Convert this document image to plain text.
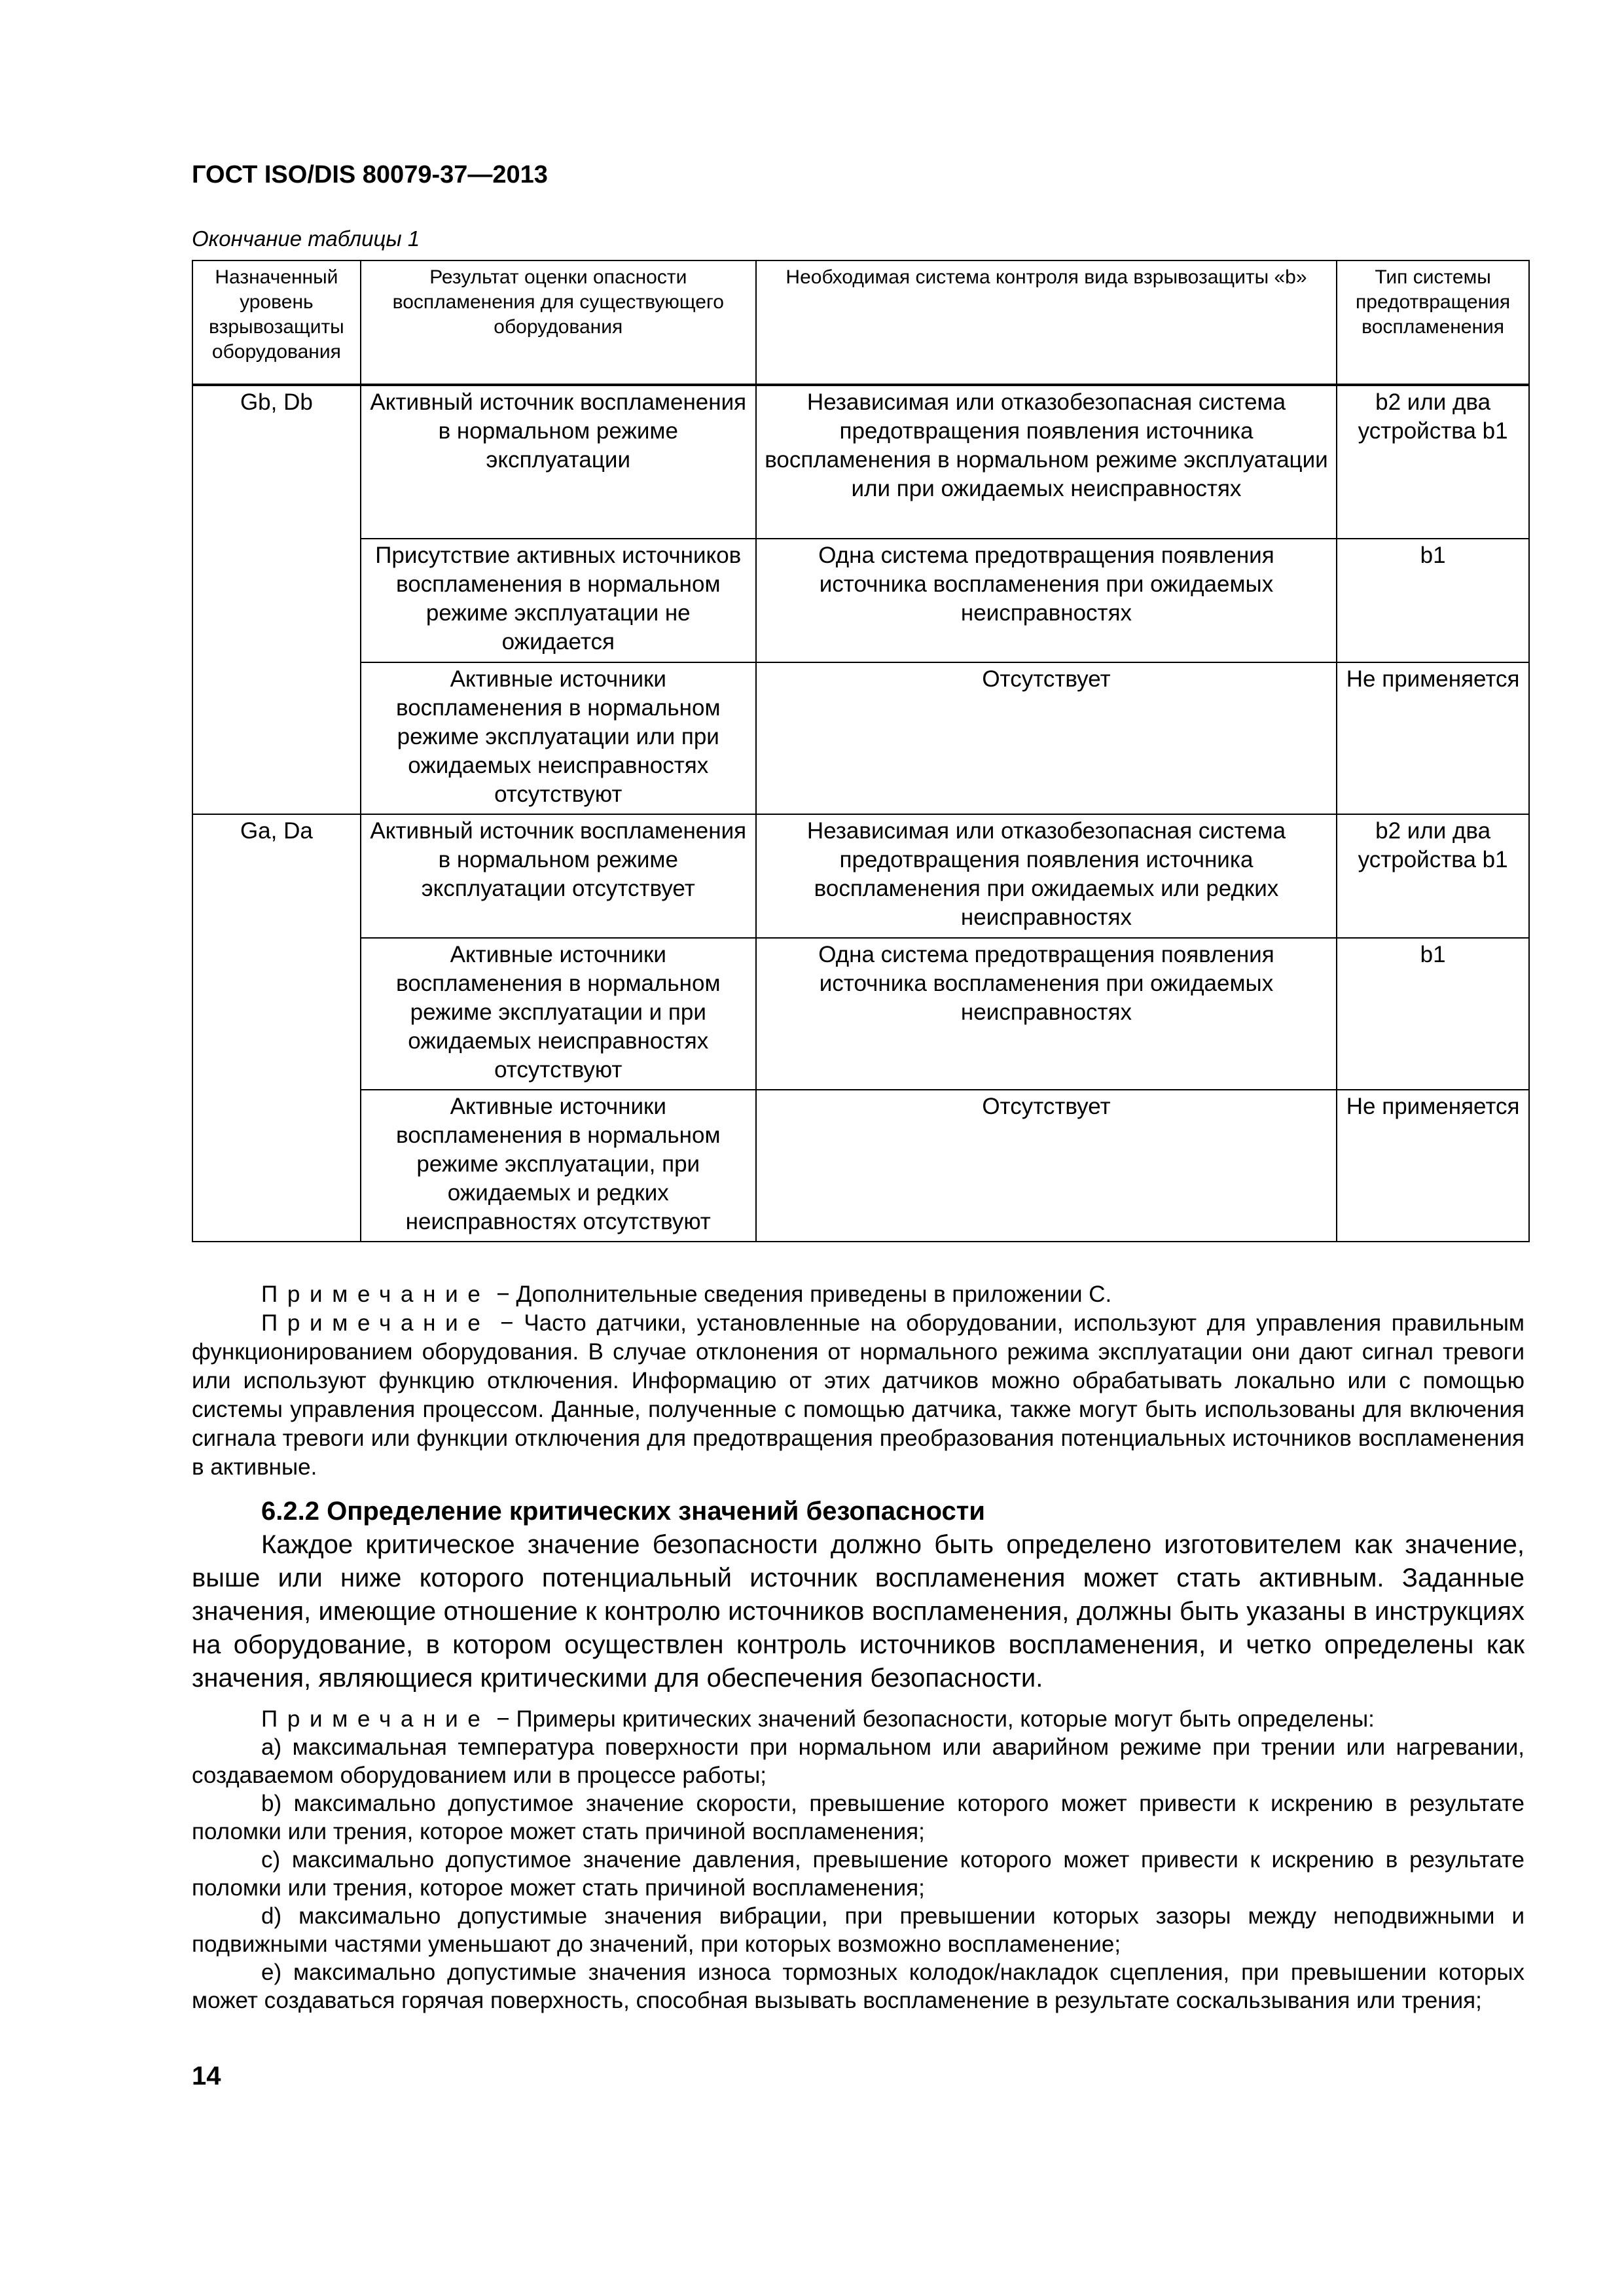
ГОСТ ISO/DIS 80079-37—2013
Окончание таблицы 1
Назначенный уровень взрывозащиты оборудования	Результат оценки опасности воспламенения для существующего оборудования	Необходимая система контроля вида взрывозащиты «b»	Тип системы предотвращения воспламенения
Gb, Db	Активный источник воспламенения в нормальном режиме эксплуатации	Независимая или отказобезопасная система предотвращения появления источника воспламенения в нормальном режиме эксплуатации или при ожидаемых неисправностях	b2 или два устройства b1
	Присутствие активных источников воспламенения в нормальном режиме эксплуатации не ожидается	Одна система предотвращения появления источника воспламенения при ожидаемых неисправностях	b1
	Активные источники воспламенения в нормальном режиме эксплуатации или при ожидаемых неисправностях отсутствуют	Отсутствует	Не применяется
Ga, Da	Активный источник воспламенения в нормальном режиме эксплуатации отсутствует	Независимая или отказобезопасная система предотвращения появления источника воспламенения при ожидаемых или редких неисправностях	b2 или два устройства b1
	Активные источники воспламенения в нормальном режиме эксплуатации и при ожидаемых неисправностях отсутствуют	Одна система предотвращения появления источника воспламенения при ожидаемых неисправностях	b1
	Активные источники воспламенения в нормальном режиме эксплуатации, при ожидаемых и редких неисправностях отсутствуют	Отсутствует	Не применяется

Примечание − Дополнительные сведения приведены в приложении С.

Примечание − Часто датчики, установленные на оборудовании, используют для управления правильным функционированием оборудования. В случае отклонения от нормального режима эксплуатации они дают сигнал тревоги или используют функцию отключения. Информацию от этих датчиков можно обрабатывать локально или с помощью системы управления процессом. Данные, полученные с помощью датчика, также могут быть использованы для включения сигнала тревоги или функции отключения для предотвращения преобразования потенциальных источников воспламенения в активные.

6.2.2 Определение критических значений безопасности

Каждое критическое значение безопасности должно быть определено изготовителем как значение, выше или ниже которого потенциальный источник воспламенения может стать активным. Заданные значения, имеющие отношение к контролю источников воспламенения, должны быть указаны в инструкциях на оборудование, в котором осуществлен контроль источников воспламенения, и четко определены как значения, являющиеся критическими для обеспечения безопасности.

Примечание − Примеры критических значений безопасности, которые могут быть определены:

a) максимальная температура поверхности при нормальном или аварийном режиме при трении или нагревании, создаваемом оборудованием или в процессе работы;

b) максимально допустимое значение скорости, превышение которого может привести к искрению в результате поломки или трения, которое может стать причиной воспламенения;

c) максимально допустимое значение давления, превышение которого может привести к искрению в результате поломки или трения, которое может стать причиной воспламенения;

d) максимально допустимые значения вибрации, при превышении которых зазоры между неподвижными и подвижными частями уменьшают до значений, при которых возможно воспламенение;

e) максимально допустимые значения износа тормозных колодок/накладок сцепления, при превышении которых может создаваться горячая поверхность, способная вызывать воспламенение в результате соскальзывания или трения;

14
